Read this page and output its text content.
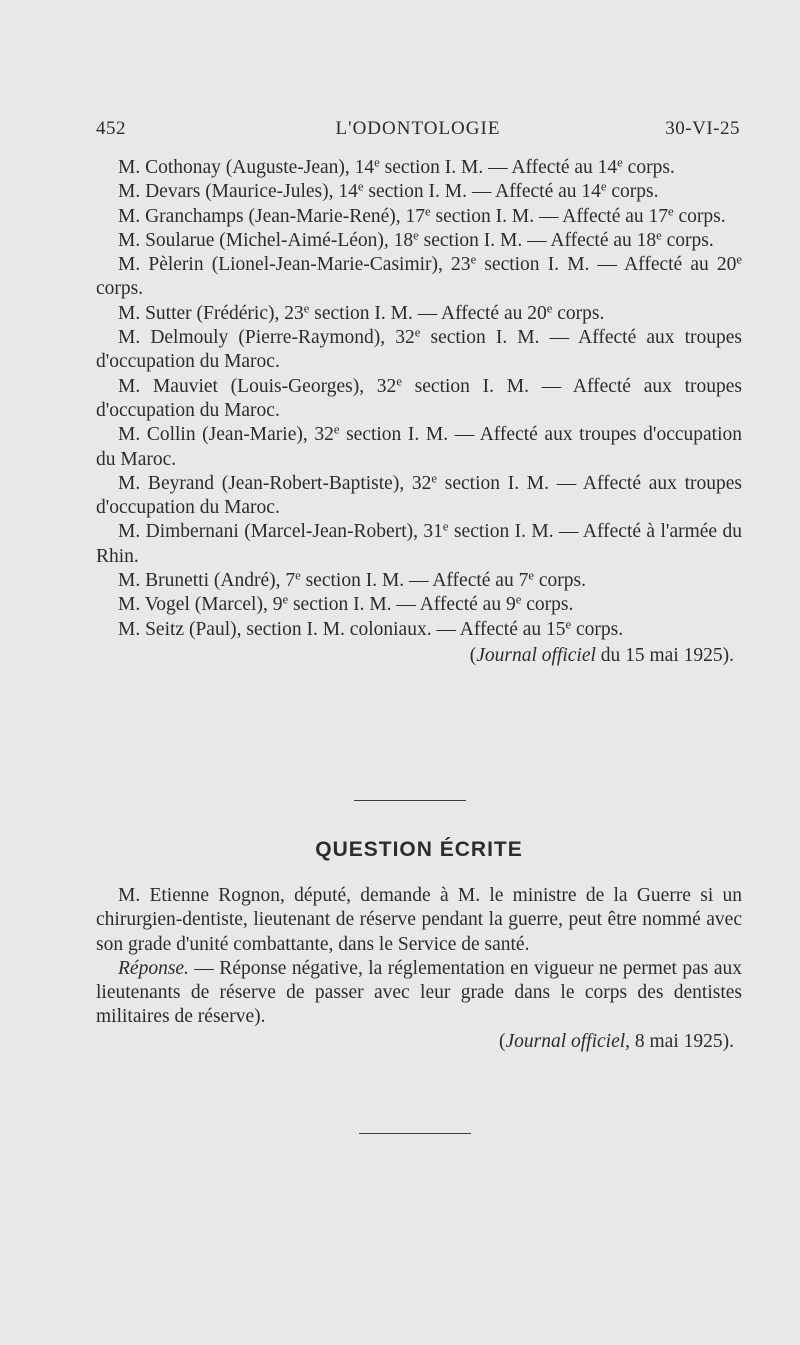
452	L'ODONTOLOGIE	30-VI-25

M. Cothonay (Auguste-Jean), 14e section I. M. — Affecté au 14e corps.

M. Devars (Maurice-Jules), 14e section I. M. — Affecté au 14e corps.

M. Granchamps (Jean-Marie-René), 17e section I. M. — Affecté au 17e corps.

M. Soularue (Michel-Aimé-Léon), 18e section I. M. — Affecté au 18e corps.

M. Pèlerin (Lionel-Jean-Marie-Casimir), 23e section I. M. — Affecté au 20e corps.

M. Sutter (Frédéric), 23e section I. M. — Affecté au 20e corps.

M. Delmouly (Pierre-Raymond), 32e section I. M. — Affecté aux troupes d'occupation du Maroc.

M. Mauviet (Louis-Georges), 32e section I. M. — Affecté aux troupes d'occupation du Maroc.

M. Collin (Jean-Marie), 32e section I. M. — Affecté aux troupes d'occupation du Maroc.

M. Beyrand (Jean-Robert-Baptiste), 32e section I. M. — Affecté aux troupes d'occupation du Maroc.

M. Dimbernani (Marcel-Jean-Robert), 31e section I. M. — Affecté à l'armée du Rhin.

M. Brunetti (André), 7e section I. M. — Affecté au 7e corps.

M. Vogel (Marcel), 9e section I. M. — Affecté au 9e corps.

M. Seitz (Paul), section I. M. coloniaux. — Affecté au 15e corps.

(Journal officiel du 15 mai 1925).

QUESTION ÉCRITE

M. Etienne Rognon, député, demande à M. le ministre de la Guerre si un chirurgien-dentiste, lieutenant de réserve pendant la guerre, peut être nommé avec son grade d'unité combattante, dans le Service de santé.

Réponse. — Réponse négative, la réglementation en vigueur ne permet pas aux lieutenants de réserve de passer avec leur grade dans le corps des dentistes militaires de réserve).

(Journal officiel, 8 mai 1925).
